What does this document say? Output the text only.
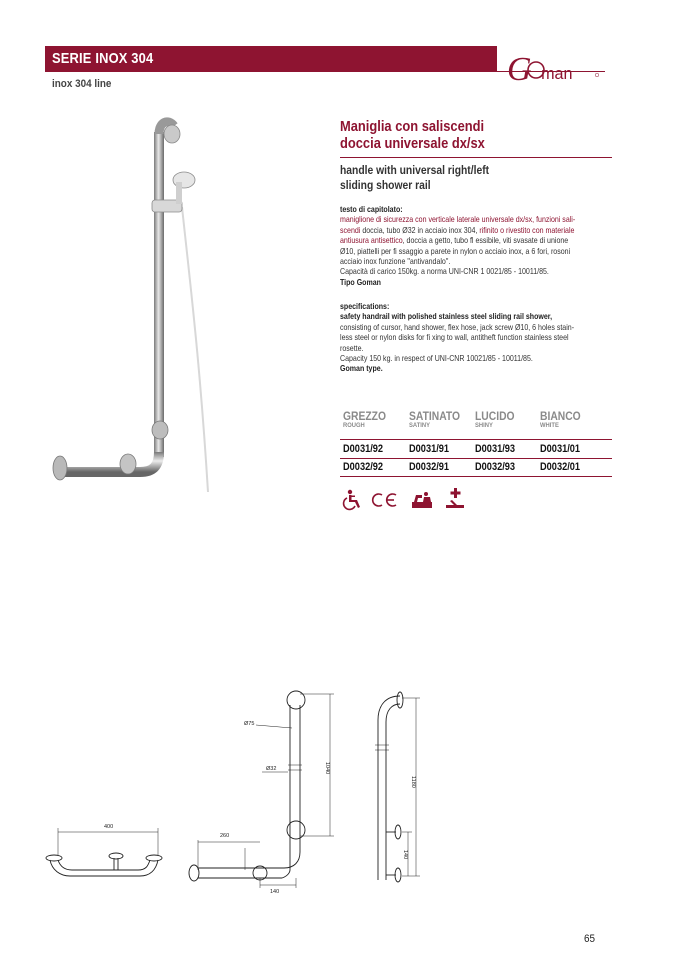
SERIE INOX 304
inox 304 line	G man
Maniglia con saliscendi
doccia universale dx/sx
handle with universal right/left
sliding shower rail

testo di capitolato:

maniglione di sicurezza con verticale laterale universale dx/sx, funzioni sali-

scendi doccia, tubo Ø32 in acciaio inox 304, rifinito o rivestito con materiale

antiusura antisettico, doccia a getto, tubo fl essibile, viti svasate di unione

Ø10, piattelli per fi ssaggio a parete in nylon o acciaio inox, a 6 fori, rosoni

acciaio inox funzione "antivandalo".

Capacità di carico 150kg. a norma UNI-CNR 1 0021/85 - 10011/85.

Tipo Goman

specifications:

safety handrail with polished stainless steel sliding rail shower,

consisting of cursor, hand shower, flex hose, jack screw Ø10, 6 holes stain-

less steel or nylon disks for fi xing to wall, antitheft function stainless steel

rosette.

Capacity 150 kg. in respect of UNI-CNR 10021/85 - 10011/85.

Goman type.

GREZZO
ROUGH
SATINATO
SATINY
LUCIDO
SHINY
BIANCO
WHITE
D0031/92 D0031/91 D0031/93 D0031/01
D0032/92 D0032/91 D0032/93 D0032/01
400
260
140
Ø75
Ø32	1040
1180
140
65
